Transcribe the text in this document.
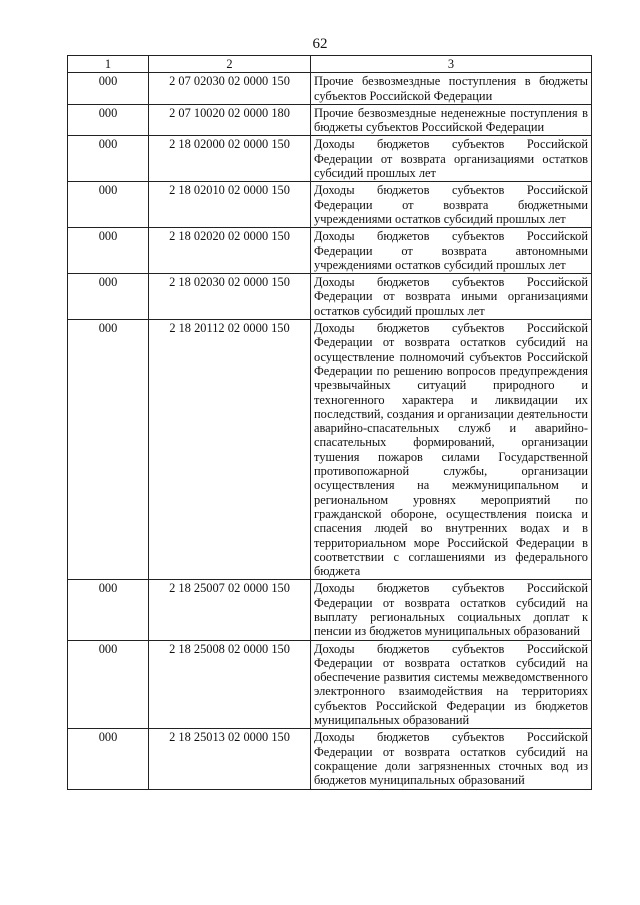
62
1	2	3
000	2 07 02030 02 0000 150	Прочие безвозмездные поступления в бюджеты субъектов Российской Федерации
000	2 07 10020 02 0000 180	Прочие безвозмездные неденежные поступления в бюджеты субъектов Российской Федерации
000	2 18 02000 02 0000 150	Доходы бюджетов субъектов Российской Федерации от возврата организациями остатков субсидий прошлых лет
000	2 18 02010 02 0000 150	Доходы бюджетов субъектов Российской Федерации от возврата бюджетными учреждениями остатков субсидий прошлых лет
000	2 18 02020 02 0000 150	Доходы бюджетов субъектов Российской Федерации от возврата автономными учреждениями остатков субсидий прошлых лет
000	2 18 02030 02 0000 150	Доходы бюджетов субъектов Российской Федерации от возврата иными организациями остатков субсидий прошлых лет
000	2 18 20112 02 0000 150	Доходы бюджетов субъектов Российской Федерации от возврата остатков субсидий на осуществление полномочий субъектов Российской Федерации по решению вопросов предупреждения чрезвычайных ситуаций природного и техногенного характера и ликвидации их последствий, создания и организации деятельности аварийно-спасательных служб и аварийно-спасательных формирований, организации тушения пожаров силами Государственной противопожарной службы, организации осуществления на межмуниципальном и региональном уровнях мероприятий по гражданской обороне, осуществления поиска и спасения людей во внутренних водах и в территориальном море Российской Федерации в соответствии с соглашениями из федерального бюджета
000	2 18 25007 02 0000 150	Доходы бюджетов субъектов Российской Федерации от возврата остатков субсидий на выплату региональных социальных доплат к пенсии из бюджетов муниципальных образований
000	2 18 25008 02 0000 150	Доходы бюджетов субъектов Российской Федерации от возврата остатков субсидий на обеспечение развития системы межведомственного электронного взаимодействия на территориях субъектов Российской Федерации из бюджетов муниципальных образований
000	2 18 25013 02 0000 150	Доходы бюджетов субъектов Российской Федерации от возврата остатков субсидий на сокращение доли загрязненных сточных вод из бюджетов муниципальных образований
